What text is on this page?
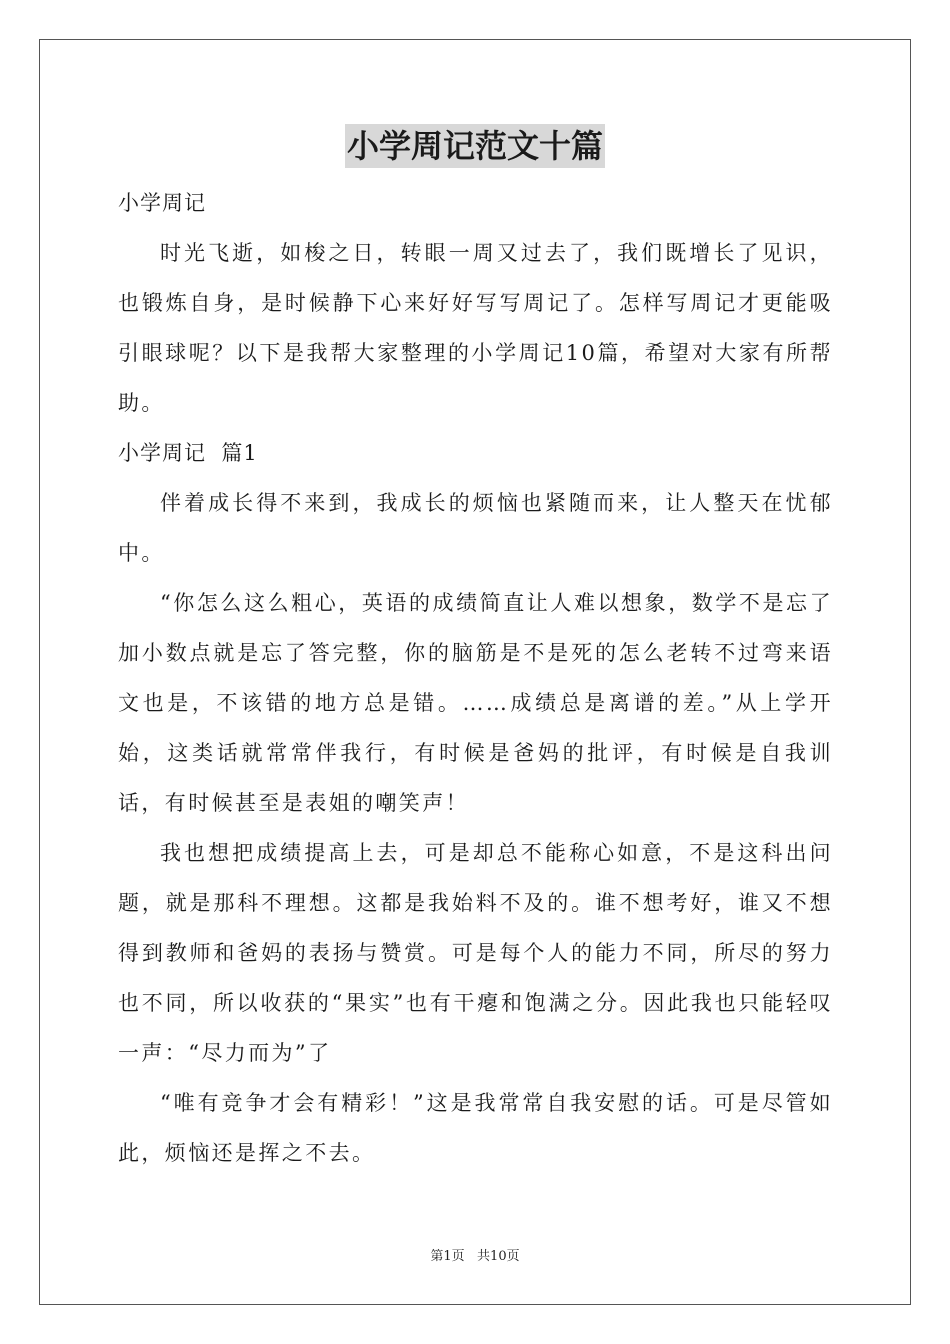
小学周记范文十篇

小学周记

时光飞逝，如梭之日，转眼一周又过去了，我们既增长了见识，也锻炼自身，是时候静下心来好好写写周记了。怎样写周记才更能吸引眼球呢？以下是我帮大家整理的小学周记10篇，希望对大家有所帮助。

小学周记  篇1

伴着成长得不来到，我成长的烦恼也紧随而来，让人整天在忧郁中。

“你怎么这么粗心，英语的成绩简直让人难以想象，数学不是忘了加小数点就是忘了答完整，你的脑筋是不是死的怎么老转不过弯来语文也是，不该错的地方总是错。……成绩总是离谱的差。”从上学开始，这类话就常常伴我行，有时候是爸妈的批评，有时候是自我训话，有时候甚至是表姐的嘲笑声！

我也想把成绩提高上去，可是却总不能称心如意，不是这科出问题，就是那科不理想。这都是我始料不及的。谁不想考好，谁又不想得到教师和爸妈的表扬与赞赏。可是每个人的能力不同，所尽的努力也不同，所以收获的“果实”也有干瘪和饱满之分。因此我也只能轻叹一声：“尽力而为”了

“唯有竞争才会有精彩！”这是我常常自我安慰的话。可是尽管如此，烦恼还是挥之不去。

第1页   共10页
